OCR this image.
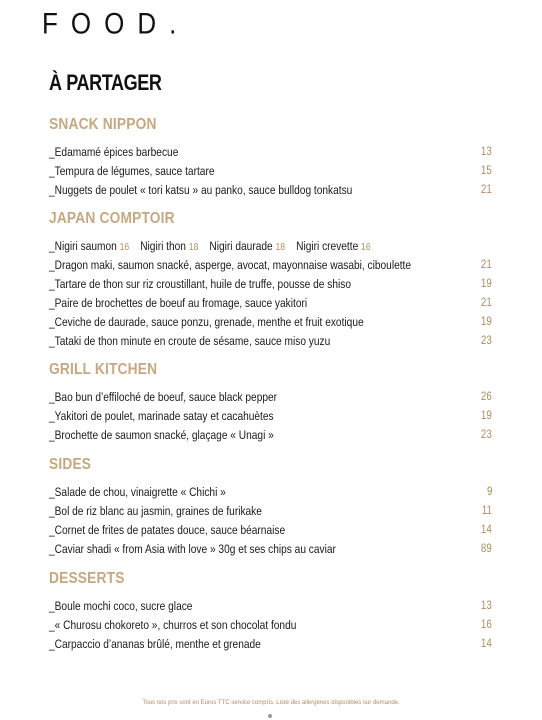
FOOD.
À PARTAGER
SNACK NIPPON
_Edamamé épices barbecue	13
_Tempura de légumes, sauce tartare	15
_Nuggets de poulet « tori katsu » au panko, sauce bulldog tonkatsu	21
JAPAN COMPTOIR
_Nigiri saumon 16 Nigiri thon 18 Nigiri daurade 18 Nigiri crevette 16
_Dragon maki, saumon snacké, asperge, avocat, mayonnaise wasabi, ciboulette	21
_Tartare de thon sur riz croustillant, huile de truffe, pousse de shiso	19
_Paire de brochettes de boeuf au fromage, sauce yakitori	21
_Ceviche de daurade, sauce ponzu, grenade, menthe et fruit exotique	19
_Tataki de thon minute en croute de sésame, sauce miso yuzu	23
GRILL KITCHEN
_Bao bun d’effiloché de boeuf, sauce black pepper	26
_Yakitori de poulet, marinade satay et cacahuètes	19
_Brochette de saumon snacké, glaçage « Unagi »	23
SIDES
_Salade de chou, vinaigrette « Chichi »	9
_Bol de riz blanc au jasmin, graines de furikake	11
_Cornet de frites de patates douce, sauce béarnaise	14
_Caviar shadi « from Asia with love » 30g et ses chips au caviar	89
DESSERTS
_Boule mochi coco, sucre glace	13
_« Churosu chokoreto », churros et son chocolat fondu	16
_Carpaccio d’ananas brûlé, menthe et grenade	14
Tous nos prix sont en Euros TTC service compris. Liste des allergènes disponibles sur demande.
